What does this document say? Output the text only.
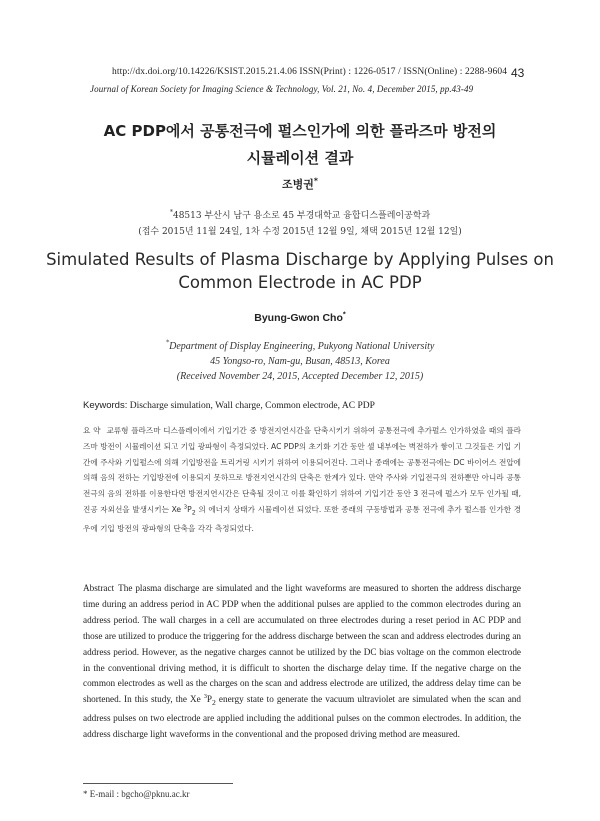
http://dx.doi.org/10.14226/KSIST.2015.21.4.06 ISSN(Print) : 1226-0517 / ISSN(Online) : 2288-9604 43
Journal of Korean Society for Imaging Science & Technology, Vol. 21, No. 4, December 2015, pp.43-49
AC PDP에서 공통전극에 펄스인가에 의한 플라즈마 방전의
시뮬레이션 결과
조병권*
*48513 부산시 남구 용소로 45 부경대학교 융합디스플레이공학과
(접수 2015년 11월 24일, 1차 수정 2015년 12월 9일, 채택 2015년 12월 12일)
Simulated Results of Plasma Discharge by Applying Pulses on
Common Electrode in AC PDP
Byung-Gwon Cho*
*Department of Display Engineering, Pukyong National University
45 Yongso-ro, Nam-gu, Busan, 48513, Korea
(Received November 24, 2015, Accepted December 12, 2015)
Keywords: Discharge simulation, Wall charge, Common electrode, AC PDP
요 약 교류형 플라즈마 디스플레이에서 기입기간 중 방전지연시간을 단축시키기 위하여 공통전극에 추가펄스 인가하였을 때의 플라즈마 방전이 시뮬레이션 되고 기입 광파형이 측정되었다. AC PDP의 초기화 기간 동안 셀 내부에는 벽전하가 쌓이고 그것들은 기입 기간에 주사와 기입펄스에 의해 기입방전을 트리거링 시키기 위하여 이용되어진다. 그러나 종래에는 공통전극에는 DC 바이어스 전압에 의해 음의 전하는 기입방전에 이용되지 못하므로 방전지연시간의 단축은 한계가 있다. 만약 주사와 기입전극의 전하뿐만 아니라 공통전극의 음의 전하를 이용한다면 방전지연시간은 단축될 것이고 이를 확인하기 위하여 기입기간 동안 3 전극에 펄스가 모두 인가될 때, 진공 자외선을 발생시키는 Xe $^3P_2$ 의 에너지 상태가 시뮬레이션 되었다. 또한 종래의 구동방법과 공통 전극에 추가 펄스를 인가한 경우에 기입 방전의 광파형의 단축을 각각 측정되었다.
Abstract The plasma discharge are simulated and the light waveforms are measured to shorten the address discharge time during an address period in AC PDP when the additional pulses are applied to the common electrodes during an address period. The wall charges in a cell are accumulated on three electrodes during a reset period in AC PDP and those are utilized to produce the triggering for the address discharge between the scan and address electrodes during an address period. However, as the negative charges cannot be utilized by the DC bias voltage on the common electrode in the conventional driving method, it is difficult to shorten the discharge delay time. If the negative charge on the common electrodes as well as the charges on the scan and address electrode are utilized, the address delay time can be shortened. In this study, the Xe $^3P_2$ energy state to generate the vacuum ultraviolet are simulated when the scan and address pulses on two electrode are applied including the additional pulses on the common electrodes. In addition, the address discharge light waveforms in the conventional and the proposed driving method are measured.
* E-mail : bgcho@pknu.ac.kr
